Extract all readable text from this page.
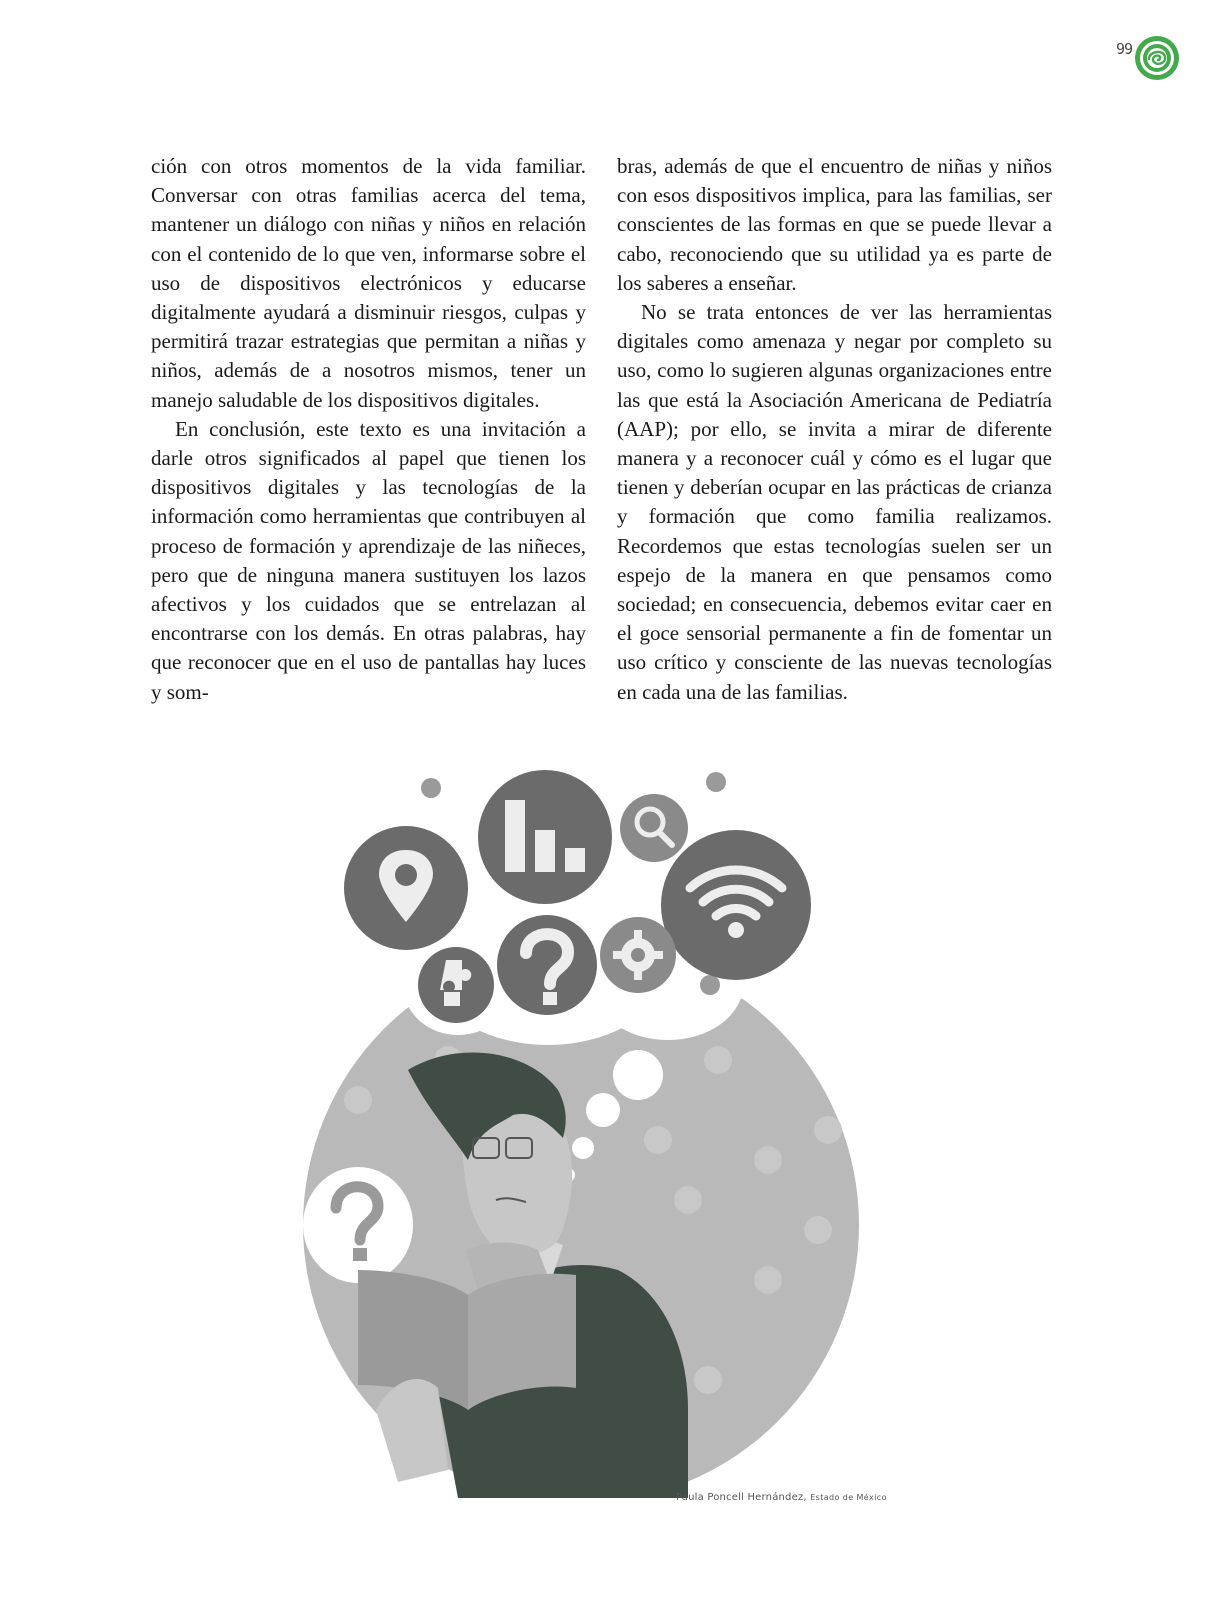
99

ción con otros momentos de la vida familiar. Conversar con otras familias acerca del tema, mantener un diálogo con niñas y niños en relación con el contenido de lo que ven, informarse sobre el uso de dispositivos electrónicos y educarse digitalmente ayudará a disminuir riesgos, culpas y permitirá trazar estrategias que permitan a niñas y niños, además de a nosotros mismos, tener un manejo saludable de los dispositivos digitales.

En conclusión, este texto es una invitación a darle otros significados al papel que tienen los dispositivos digitales y las tecnologías de la información como herramientas que contribuyen al proceso de formación y aprendizaje de las niñeces, pero que de ninguna manera sustituyen los lazos afectivos y los cuidados que se entrelazan al encontrarse con los demás. En otras palabras, hay que reconocer que en el uso de pantallas hay luces y som-

bras, además de que el encuentro de niñas y niños con esos dispositivos implica, para las familias, ser conscientes de las formas en que se puede llevar a cabo, reconociendo que su utilidad ya es parte de los saberes a enseñar.

No se trata entonces de ver las herramientas digitales como amenaza y negar por completo su uso, como lo sugieren algunas organizaciones entre las que está la Asociación Americana de Pediatría (AAP); por ello, se invita a mirar de diferente manera y a reconocer cuál y cómo es el lugar que tienen y deberían ocupar en las prácticas de crianza y formación que como familia realizamos. Recordemos que estas tecnologías suelen ser un espejo de la manera en que pensamos como sociedad; en consecuencia, debemos evitar caer en el goce sensorial permanente a fin de fomentar un uso crítico y consciente de las nuevas tecnologías en cada una de las familias.

Paula Poncell Hernández, Estado de México
